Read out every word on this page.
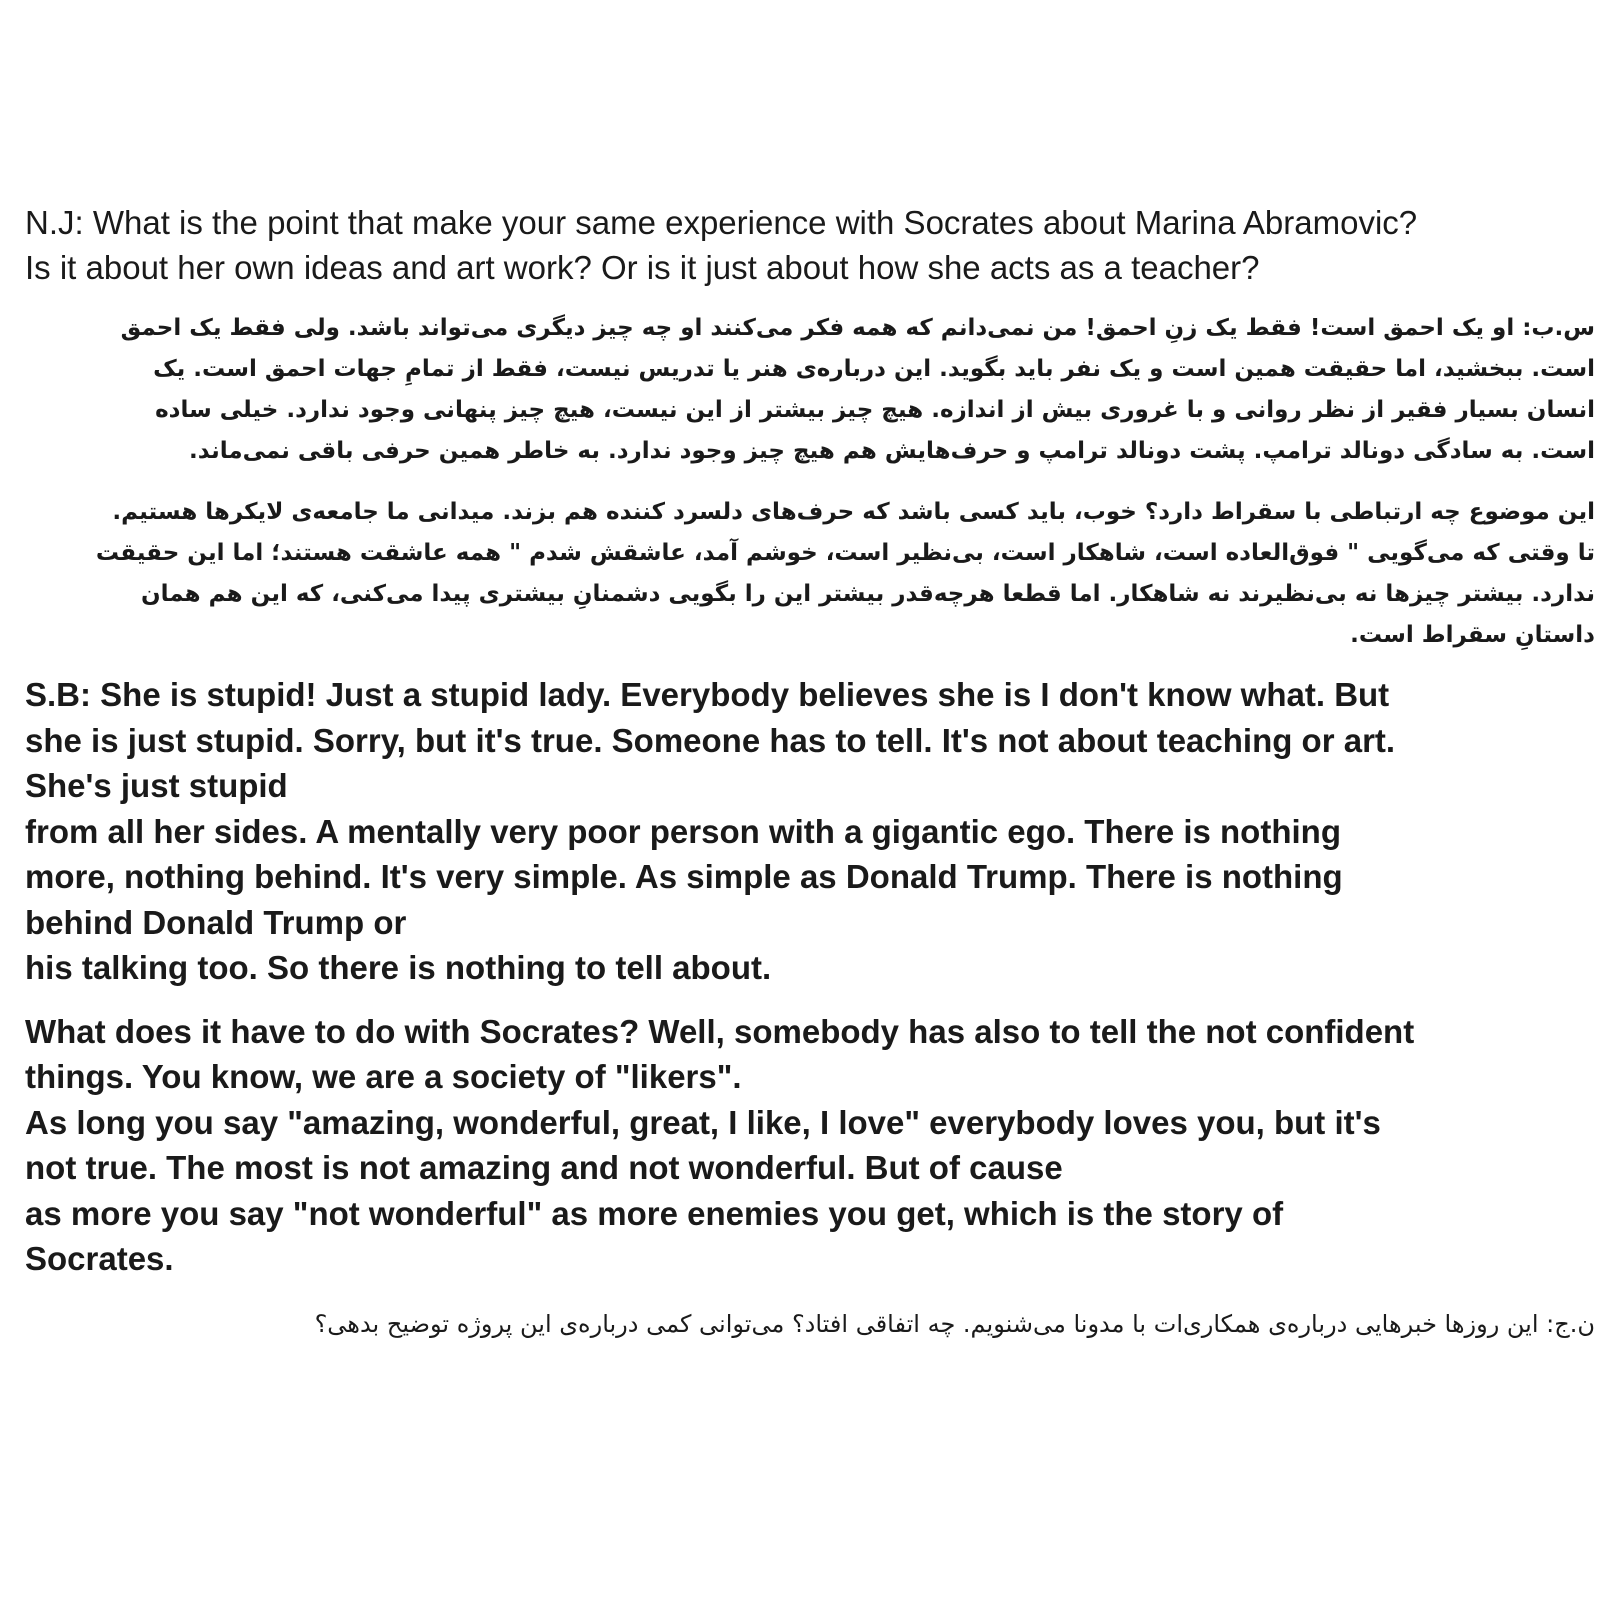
N.J: What is the point that make your same experience with Socrates about Marina Abramovic?
Is it about her own ideas and art work? Or is it just about how she acts as a teacher?
س.ب: او یک احمق است! فقط یک زنِ احمق! من نمی‌دانم که همه فکر می‌کنند او چه چیز دیگری می‌تواند باشد. ولی فقط یک احمق
است. ببخشید، اما حقیقت همین است و یک نفر باید بگوید. این درباره‌ی هنر یا تدریس نیست، فقط از تمامِ جهات احمق است. یک
انسان بسیار فقیر از نظر روانی و با غروری بیش از اندازه. هیچ چیز بیشتر از این نیست، هیچ چیز پنهانی وجود ندارد. خیلی ساده
است. به سادگی دونالد ترامپ. پشت دونالد ترامپ و حرف‌هایش هم هیچ چیز وجود ندارد. به خاطر همین حرفی باقی نمی‌ماند.
این موضوع چه ارتباطی با سقراط دارد؟ خوب، باید کسی باشد که حرف‌های دلسرد کننده هم بزند. میدانی ما جامعه‌ی لایکرها هستیم.
تا وقتی که می‌گویی " فوق‌العاده است، شاهکار است، بی‌نظیر است، خوشم آمد، عاشقش شدم " همه عاشقت هستند؛ اما این حقیقت
ندارد. بیشتر چیزها نه بی‌نظیرند نه شاهکار. اما قطعا هرچه‌قدر بیشتر این را بگویی دشمنانِ بیشتری پیدا می‌کنی، که این هم همان
داستانِ سقراط است.
S.B: She is stupid! Just a stupid lady. Everybody believes she is I don't know what. But
she is just stupid. Sorry, but it's true. Someone has to tell. It's not about teaching or art.
She's just stupid
from all her sides. A mentally very poor person with a gigantic ego. There is nothing
more, nothing behind. It's very simple. As simple as Donald Trump. There is nothing
behind Donald Trump or
his talking too. So there is nothing to tell about.
What does it have to do with Socrates? Well, somebody has also to tell the not confident
things. You know, we are a society of "likers".
As long you say "amazing, wonderful, great, I like, I love" everybody loves you, but it's
not true. The most is not amazing and not wonderful. But of cause
as more you say "not wonderful" as more enemies you get, which is the story of
Socrates.
ن.ج: این روزها خبرهایی درباره‌ی همکاری‌ات با مدونا می‌شنویم. چه اتفاقی افتاد؟ می‌توانی کمی درباره‌ی این پروژه توضیح بدهی؟
